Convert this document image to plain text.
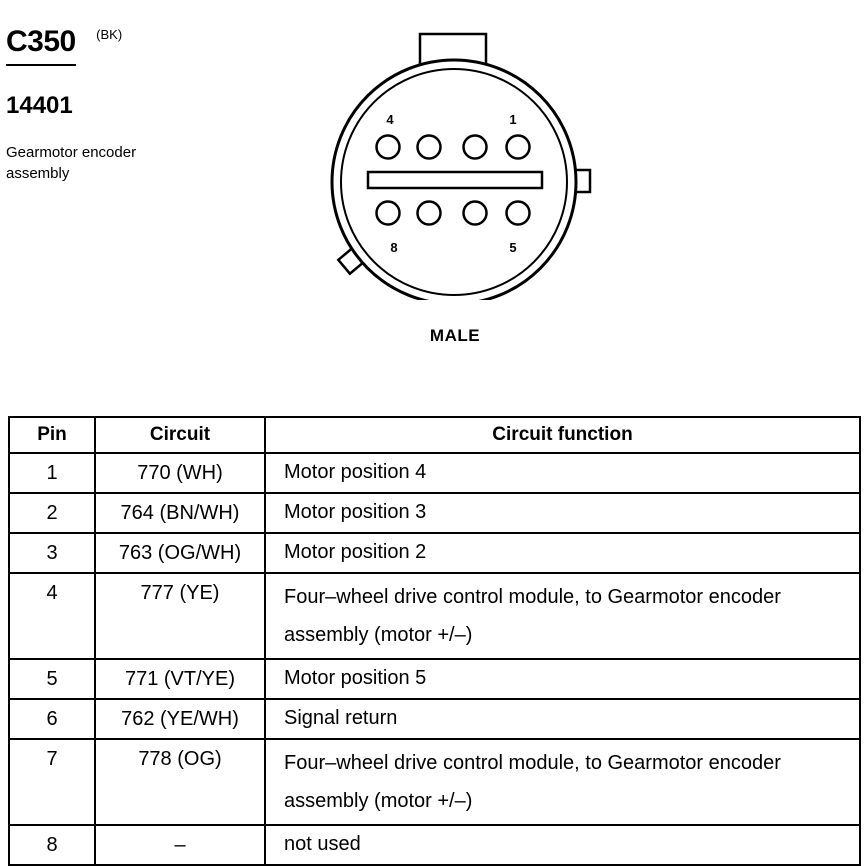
C350 $^{(BK)}$
14401
Gearmotor encoder assembly
4	1
8	5
MALE
Pin	Circuit	Circuit function
1	770 (WH)	Motor position 4
2	764 (BN/WH)	Motor position 3
3	763 (OG/WH)	Motor position 2
4	777 (YE)	Four–wheel drive control module, to Gearmotor encoder assembly (motor +/–)
5	771 (VT/YE)	Motor position 5
6	762 (YE/WH)	Signal return
7	778 (OG)	Four–wheel drive control module, to Gearmotor encoder assembly (motor +/–)
8	–	not used
